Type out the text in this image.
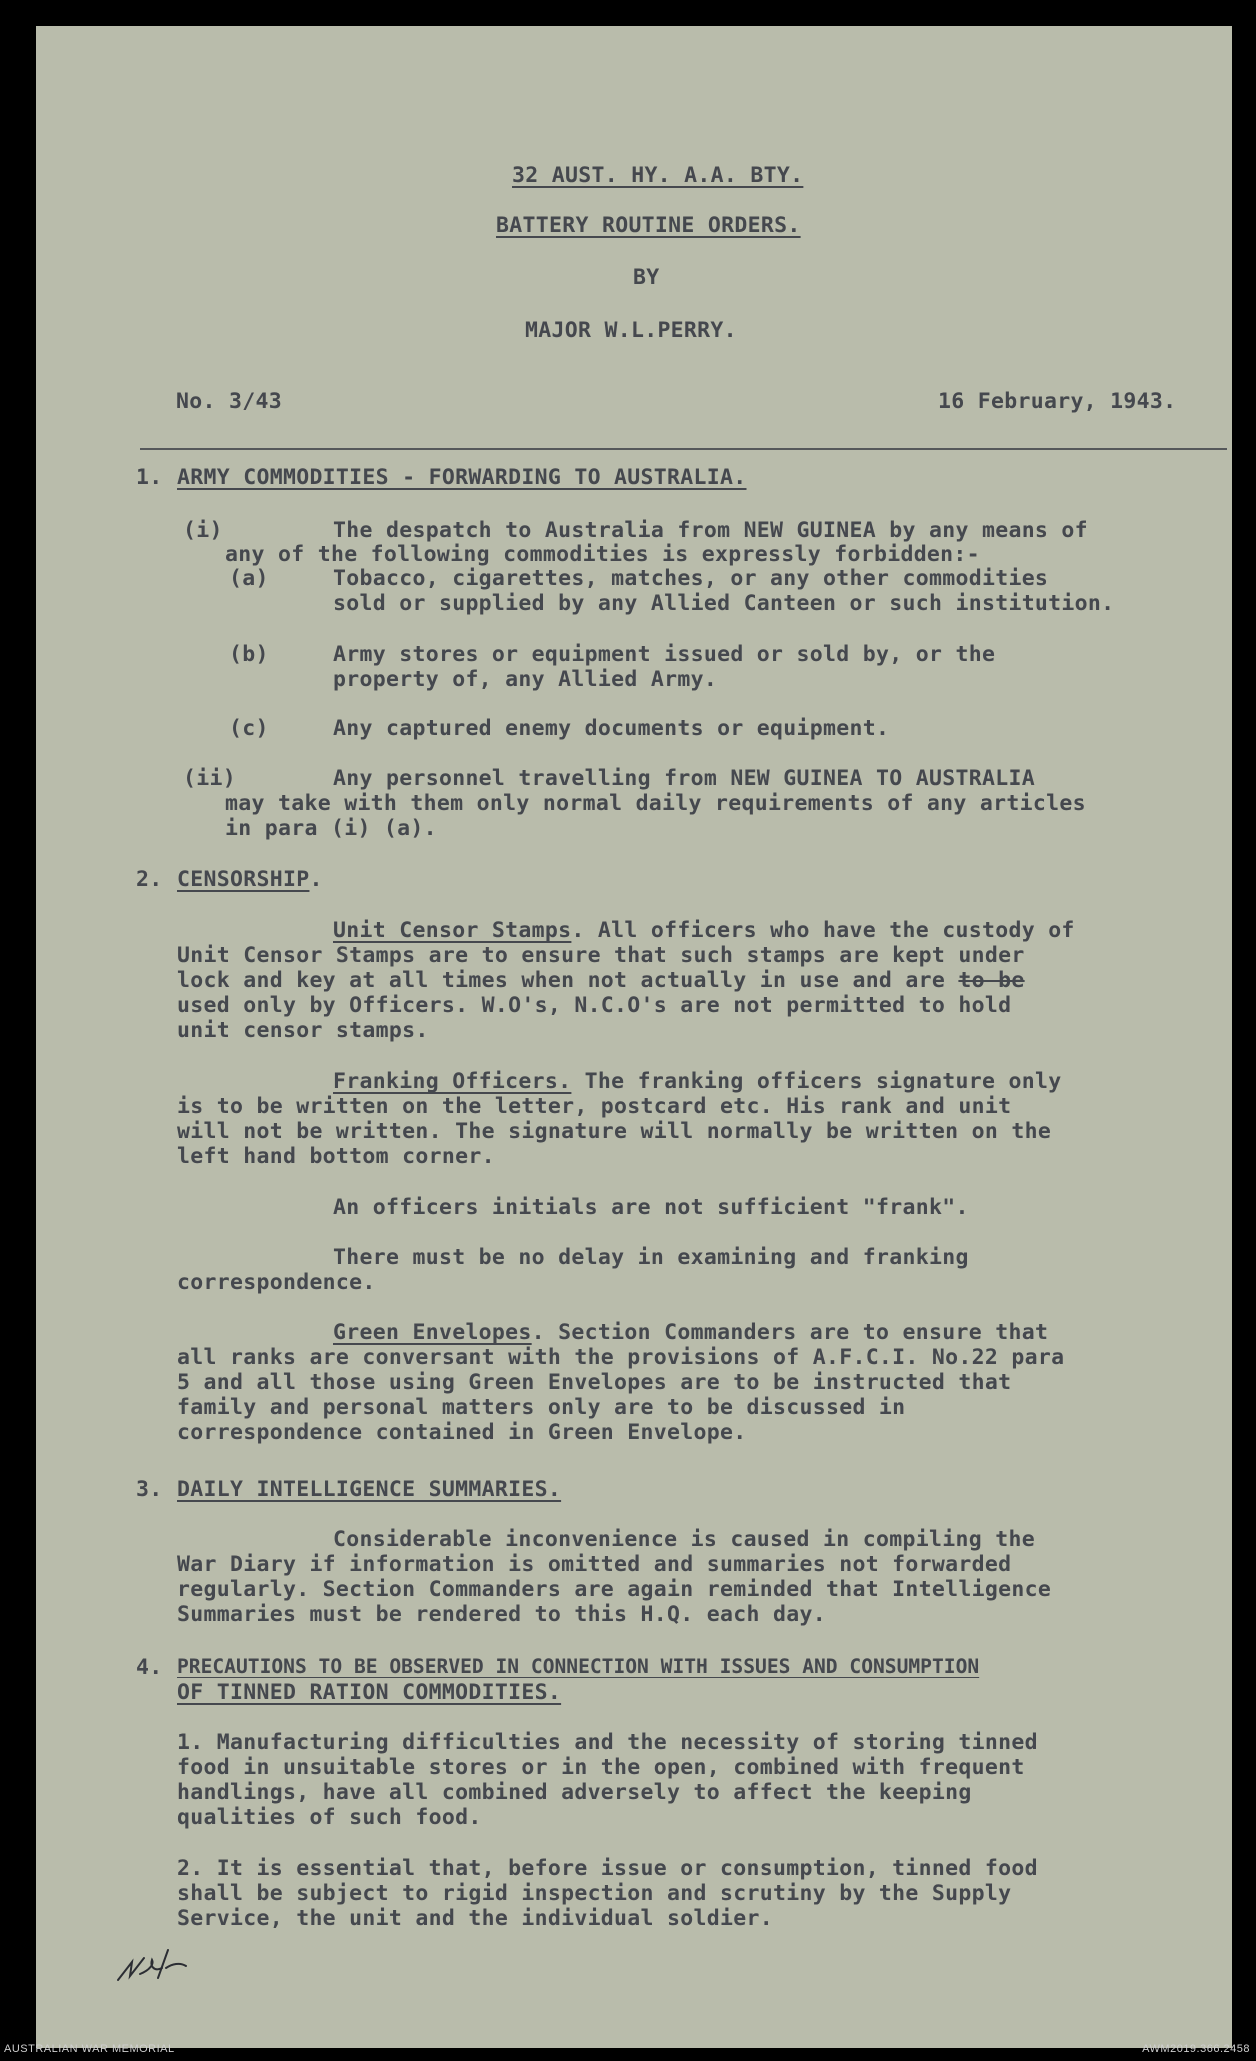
32 AUST. HY. A.A. BTY.
BATTERY ROUTINE ORDERS.
BY
MAJOR W.L.PERRY.
No. 3/43	16 February, 1943.
1. ARMY COMMODITIES - FORWARDING TO AUSTRALIA.
(i)	The despatch to Australia from NEW GUINEA by any means of
any of the following commodities is expressly forbidden:-
(a)	Tobacco, cigarettes, matches, or any other commodities
sold or supplied by any Allied Canteen or such institution.
(b)	Army stores or equipment issued or sold by, or the
property of, any Allied Army.
(c)	Any captured enemy documents or equipment.
(ii)	Any personnel travelling from NEW GUINEA TO AUSTRALIA
may take with them only normal daily requirements of any articles
in para (i) (a).
2. CENSORSHIP.
Unit Censor Stamps. All officers who have the custody of
Unit Censor Stamps are to ensure that such stamps are kept under
lock and key at all times when not actually in use and are to be
used only by Officers. W.O's, N.C.O's are not permitted to hold
unit censor stamps.
Franking Officers. The franking officers signature only
is to be written on the letter, postcard etc. His rank and unit
will not be written. The signature will normally be written on the
left hand bottom corner.
An officers initials are not sufficient "frank".
There must be no delay in examining and franking
correspondence.
Green Envelopes. Section Commanders are to ensure that
all ranks are conversant with the provisions of A.F.C.I. No.22 para
5 and all those using Green Envelopes are to be instructed that
family and personal matters only are to be discussed in
correspondence contained in Green Envelope.
3. DAILY INTELLIGENCE SUMMARIES.
Considerable inconvenience is caused in compiling the
War Diary if information is omitted and summaries not forwarded
regularly. Section Commanders are again reminded that Intelligence
Summaries must be rendered to this H.Q. each day.
4. PRECAUTIONS TO BE OBSERVED IN CONNECTION WITH ISSUES AND CONSUMPTION
OF TINNED RATION COMMODITIES.
1. Manufacturing difficulties and the necessity of storing tinned
food in unsuitable stores or in the open, combined with frequent
handlings, have all combined adversely to affect the keeping
qualities of such food.
2. It is essential that, before issue or consumption, tinned food
shall be subject to rigid inspection and scrutiny by the Supply
Service, the unit and the individual soldier.
AUSTRALIAN WAR MEMORIAL	AWM2019.366.2458
